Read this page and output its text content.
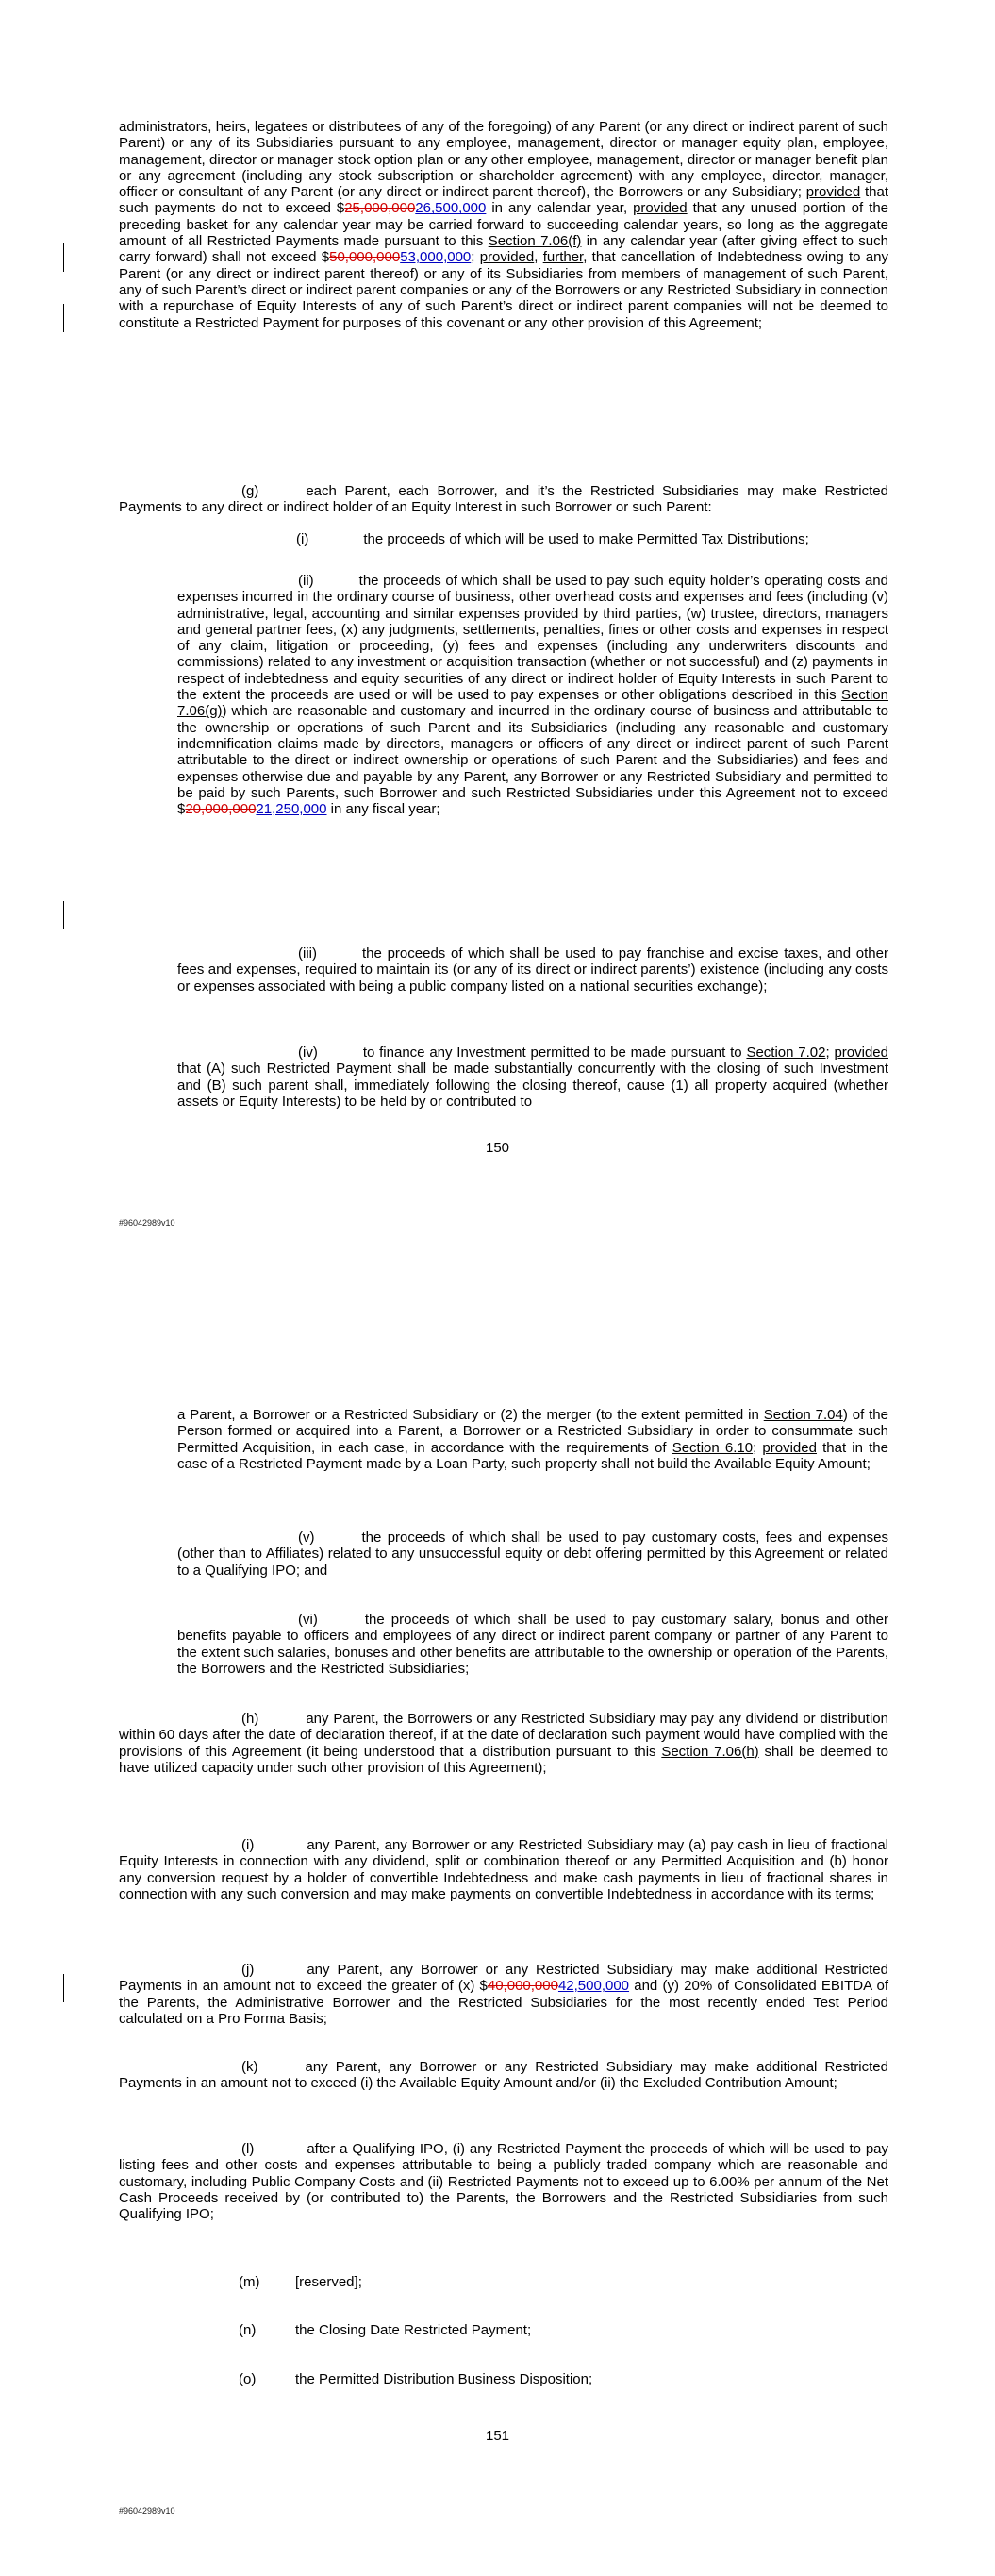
administrators, heirs, legatees or distributees of any of the foregoing) of any Parent (or any direct or indirect parent of such Parent) or any of its Subsidiaries pursuant to any employee, management, director or manager equity plan, employee, management, director or manager stock option plan or any other employee, management, director or manager benefit plan or any agreement (including any stock subscription or shareholder agreement) with any employee, director, manager, officer or consultant of any Parent (or any direct or indirect parent thereof), the Borrowers or any Subsidiary; provided that such payments do not to exceed $25,000,00026,500,000 in any calendar year, provided that any unused portion of the preceding basket for any calendar year may be carried forward to succeeding calendar years, so long as the aggregate amount of all Restricted Payments made pursuant to this Section 7.06(f) in any calendar year (after giving effect to such carry forward) shall not exceed $50,000,00053,000,000; provided, further, that cancellation of Indebtedness owing to any Parent (or any direct or indirect parent thereof) or any of its Subsidiaries from members of management of such Parent, any of such Parent’s direct or indirect parent companies or any of the Borrowers or any Restricted Subsidiary in connection with a repurchase of Equity Interests of any of such Parent’s direct or indirect parent companies will not be deemed to constitute a Restricted Payment for purposes of this covenant or any other provision of this Agreement;

(g)	each Parent, each Borrower, and it’s the Restricted Subsidiaries may make Restricted Payments to any direct or indirect holder of an Equity Interest in such Borrower or such Parent:

(i)	the proceeds of which will be used to make Permitted Tax Distributions;

(ii)	the proceeds of which shall be used to pay such equity holder’s operating costs and expenses incurred in the ordinary course of business, other overhead costs and expenses and fees (including (v) administrative, legal, accounting and similar expenses provided by third parties, (w) trustee, directors, managers and general partner fees, (x) any judgments, settlements, penalties, fines or other costs and expenses in respect of any claim, litigation or proceeding, (y) fees and expenses (including any underwriters discounts and commissions) related to any investment or acquisition transaction (whether or not successful) and (z) payments in respect of indebtedness and equity securities of any direct or indirect holder of Equity Interests in such Parent to the extent the proceeds are used or will be used to pay expenses or other obligations described in this Section 7.06(g)) which are reasonable and customary and incurred in the ordinary course of business and attributable to the ownership or operations of such Parent and its Subsidiaries (including any reasonable and customary indemnification claims made by directors, managers or officers of any direct or indirect parent of such Parent attributable to the direct or indirect ownership or operations of such Parent and the Subsidiaries) and fees and expenses otherwise due and payable by any Parent, any Borrower or any Restricted Subsidiary and permitted to be paid by such Parents, such Borrower and such Restricted Subsidiaries under this Agreement not to exceed $20,000,00021,250,000 in any fiscal year;

(iii)	the proceeds of which shall be used to pay franchise and excise taxes, and other fees and expenses, required to maintain its (or any of its direct or indirect parents’) existence (including any costs or expenses associated with being a public company listed on a national securities exchange);

(iv)	to finance any Investment permitted to be made pursuant to Section 7.02; provided that (A) such Restricted Payment shall be made substantially concurrently with the closing of such Investment and (B) such parent shall, immediately following the closing thereof, cause (1) all property acquired (whether assets or Equity Interests) to be held by or contributed to

150
#96042989v10

a Parent, a Borrower or a Restricted Subsidiary or (2) the merger (to the extent permitted in Section 7.04) of the Person formed or acquired into a Parent, a Borrower or a Restricted Subsidiary in order to consummate such Permitted Acquisition, in each case, in accordance with the requirements of Section 6.10; provided that in the case of a Restricted Payment made by a Loan Party, such property shall not build the Available Equity Amount;

(v)	the proceeds of which shall be used to pay customary costs, fees and expenses (other than to Affiliates) related to any unsuccessful equity or debt offering permitted by this Agreement or related to a Qualifying IPO; and

(vi)	the proceeds of which shall be used to pay customary salary, bonus and other benefits payable to officers and employees of any direct or indirect parent company or partner of any Parent to the extent such salaries, bonuses and other benefits are attributable to the ownership or operation of the Parents, the Borrowers and the Restricted Subsidiaries;

(h)	any Parent, the Borrowers or any Restricted Subsidiary may pay any dividend or distribution within 60 days after the date of declaration thereof, if at the date of declaration such payment would have complied with the provisions of this Agreement (it being understood that a distribution pursuant to this Section 7.06(h) shall be deemed to have utilized capacity under such other provision of this Agreement);

(i)	any Parent, any Borrower or any Restricted Subsidiary may (a) pay cash in lieu of fractional Equity Interests in connection with any dividend, split or combination thereof or any Permitted Acquisition and (b) honor any conversion request by a holder of convertible Indebtedness and make cash payments in lieu of fractional shares in connection with any such conversion and may make payments on convertible Indebtedness in accordance with its terms;

(j)	any Parent, any Borrower or any Restricted Subsidiary may make additional Restricted Payments in an amount not to exceed the greater of (x) $40,000,00042,500,000 and (y) 20% of Consolidated EBITDA of the Parents, the Administrative Borrower and the Restricted Subsidiaries for the most recently ended Test Period calculated on a Pro Forma Basis;

(k)	any Parent, any Borrower or any Restricted Subsidiary may make additional Restricted Payments in an amount not to exceed (i) the Available Equity Amount and/or (ii) the Excluded Contribution Amount;

(l)	after a Qualifying IPO, (i) any Restricted Payment the proceeds of which will be used to pay listing fees and other costs and expenses attributable to being a publicly traded company which are reasonable and customary, including Public Company Costs and (ii) Restricted Payments not to exceed up to 6.00% per annum of the Net Cash Proceeds received by (or contributed to) the Parents, the Borrowers and the Restricted Subsidiaries from such Qualifying IPO;

(m)	[reserved];
(n)	the Closing Date Restricted Payment;
(o)	the Permitted Distribution Business Disposition;
151
#96042989v10
